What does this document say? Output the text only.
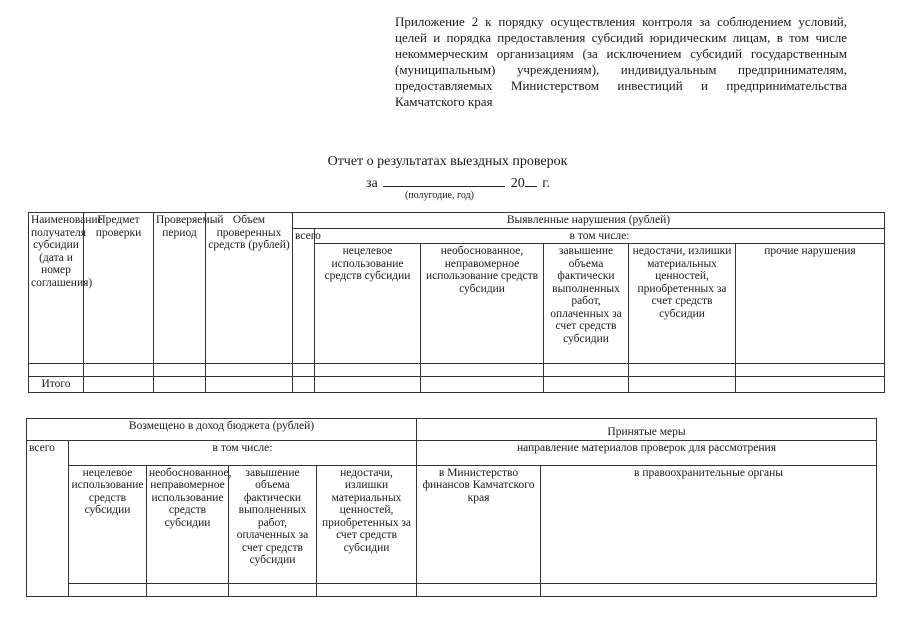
Приложение 2 к порядку осуществления контроля за соблюдением условий, целей и порядка предоставления субсидий юридическим лицам, в том числе некоммерческим организациям (за исключением субсидий государственным (муниципальным) учреждениям), индивидуальным предпринимателям, предоставляемых Министерством инвестиций и предпринимательства Камчатского края
Отчет о результатах выездных проверок
за	20 г.
(полугодие, год)
Наименование получателя субсидии (дата и номер соглашения)	Предмет проверки	Проверяемый период	Объем проверенных средств (рублей)	Выявленные нарушения (рублей)					
				всего	в том числе:				
					нецелевое использование средств субсидии	необоснованное, неправомерное использование средств субсидии	завышение объема фактически выполненных работ, оплаченных за счет средств субсидии	недостачи, излишки материальных ценностей, приобретенных за счет средств субсидии	прочие нарушения

Итого									
Возмещено в доход бюджета (рублей)					Принятые меры	
всего	в том числе:				направление материалов проверок для рассмотрения	
	нецелевое использование средств субсидии	необоснованное, неправомерное использование средств субсидии	завышение объема фактически выполненных работ, оплаченных за счет средств субсидии	недостачи, излишки материальных ценностей, приобретенных за счет средств субсидии	в Министерство финансов Камчатского края	в правоохранительные органы
